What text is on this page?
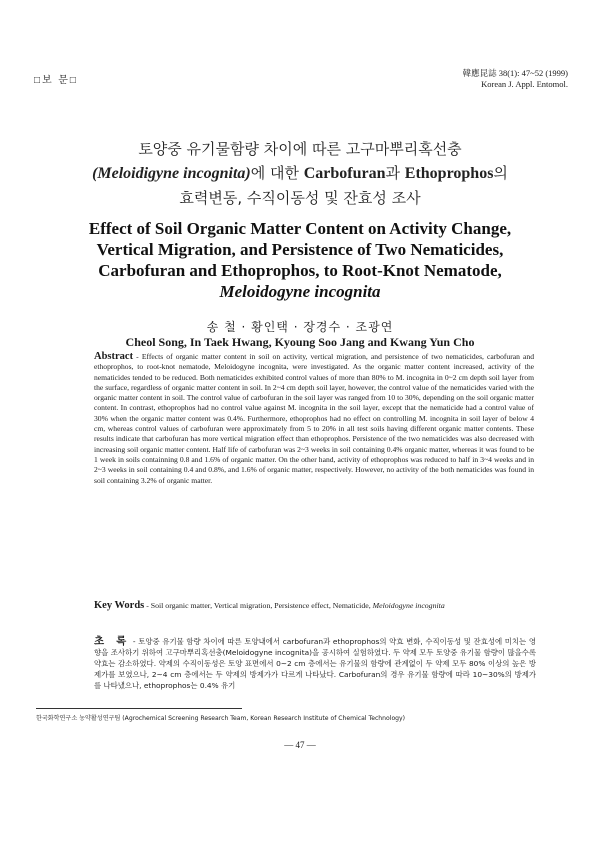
□보 문□
韓應昆誌 38(1): 47~52 (1999)
Korean J. Appl. Entomol.
토양중 유기물함량 차이에 따른 고구마뿌리혹선충
(Meloidigyne incognita)에 대한 Carbofuran과 Ethoprophos의
효력변동, 수직이동성 및 잔효성 조사
Effect of Soil Organic Matter Content on Activity Change,
Vertical Migration, and Persistence of Two Nematicides,
Carbofuran and Ethoprophos, to Root-Knot Nematode,
Meloidogyne incognita
송 철 · 황인택 · 장경수 · 조광연
Cheol Song, In Taek Hwang, Kyoung Soo Jang and Kwang Yun Cho
Abstract - Effects of organic matter content in soil on activity, vertical migration, and persistence of two nematicides, carbofuran and ethoprophos, to root-knot nematode, Meloidogyne incognita, were investigated. As the organic matter content increased, activity of the nematicides tended to be reduced. Both nematicides exhibited control values of more than 80% to M. incognita in 0~2 cm depth soil layer from the surface, regardless of organic matter content in soil. In 2~4 cm depth soil layer, however, the control value of the nematicides varied with the organic matter content in soil. The control value of carbofuran in the soil layer was ranged from 10 to 30%, depending on the soil organic matter content. In contrast, ethoprophos had no control value against M. incognita in the soil layer, except that the nematicide had a control value of 30% when the organic matter content was 0.4%. Furthermore, ethoprophos had no effect on controlling M. incognita in soil layer of below 4 cm, whereas control values of carbofuran were approximately from 5 to 20% in all test soils having different organic matter contents. These results indicate that carbofuran has more vertical migration effect than ethoprophos. Persistence of the two nematicides was also decreased with increasing soil organic matter content. Half life of carbofuran was 2~3 weeks in soil containing 0.4% organic matter, whereas it was found to be 1 week in soils containning 0.8 and 1.6% of organic matter. On the other hand, activity of ethoprophos was reduced to half in 3~4 weeks and in 2~3 weeks in soil containing 0.4 and 0.8%, and 1.6% of organic matter, respectively. However, no activity of the both nematicides was found in soil containing 3.2% of organic matter.
Key Words - Soil organic matter, Vertical migration, Persistence effect, Nematicide, Meloidogyne incognita
초 록 - 토양중 유기물 함량 차이에 따른 토양내에서 carbofuran과 ethoprophos의 약효 변화, 수직이동성 및 잔효성에 미치는 영향을 조사하기 위하여 고구마뿌리혹선충(Meloidogyne incognita)을 공시하여 실험하였다. 두 약제 모두 토양중 유기물 함량이 많을수록 약효는 감소하였다. 약제의 수직이동성은 토양 표면에서 0~2 cm 층에서는 유기물의 함량에 관계없이 두 약제 모두 80% 이상의 높은 방제가를 보였으나, 2~4 cm 층에서는 두 약제의 방제가가 다르게 나타났다. Carbofuran의 경우 유기물 함량에 따라 10~30%의 방제가를 나타냈으나, ethoprophos는 0.4% 유기
한국화학연구소 농약활성연구팀 (Agrochemical Screening Research Team, Korean Research Institute of Chemical Technology)
— 47 —
